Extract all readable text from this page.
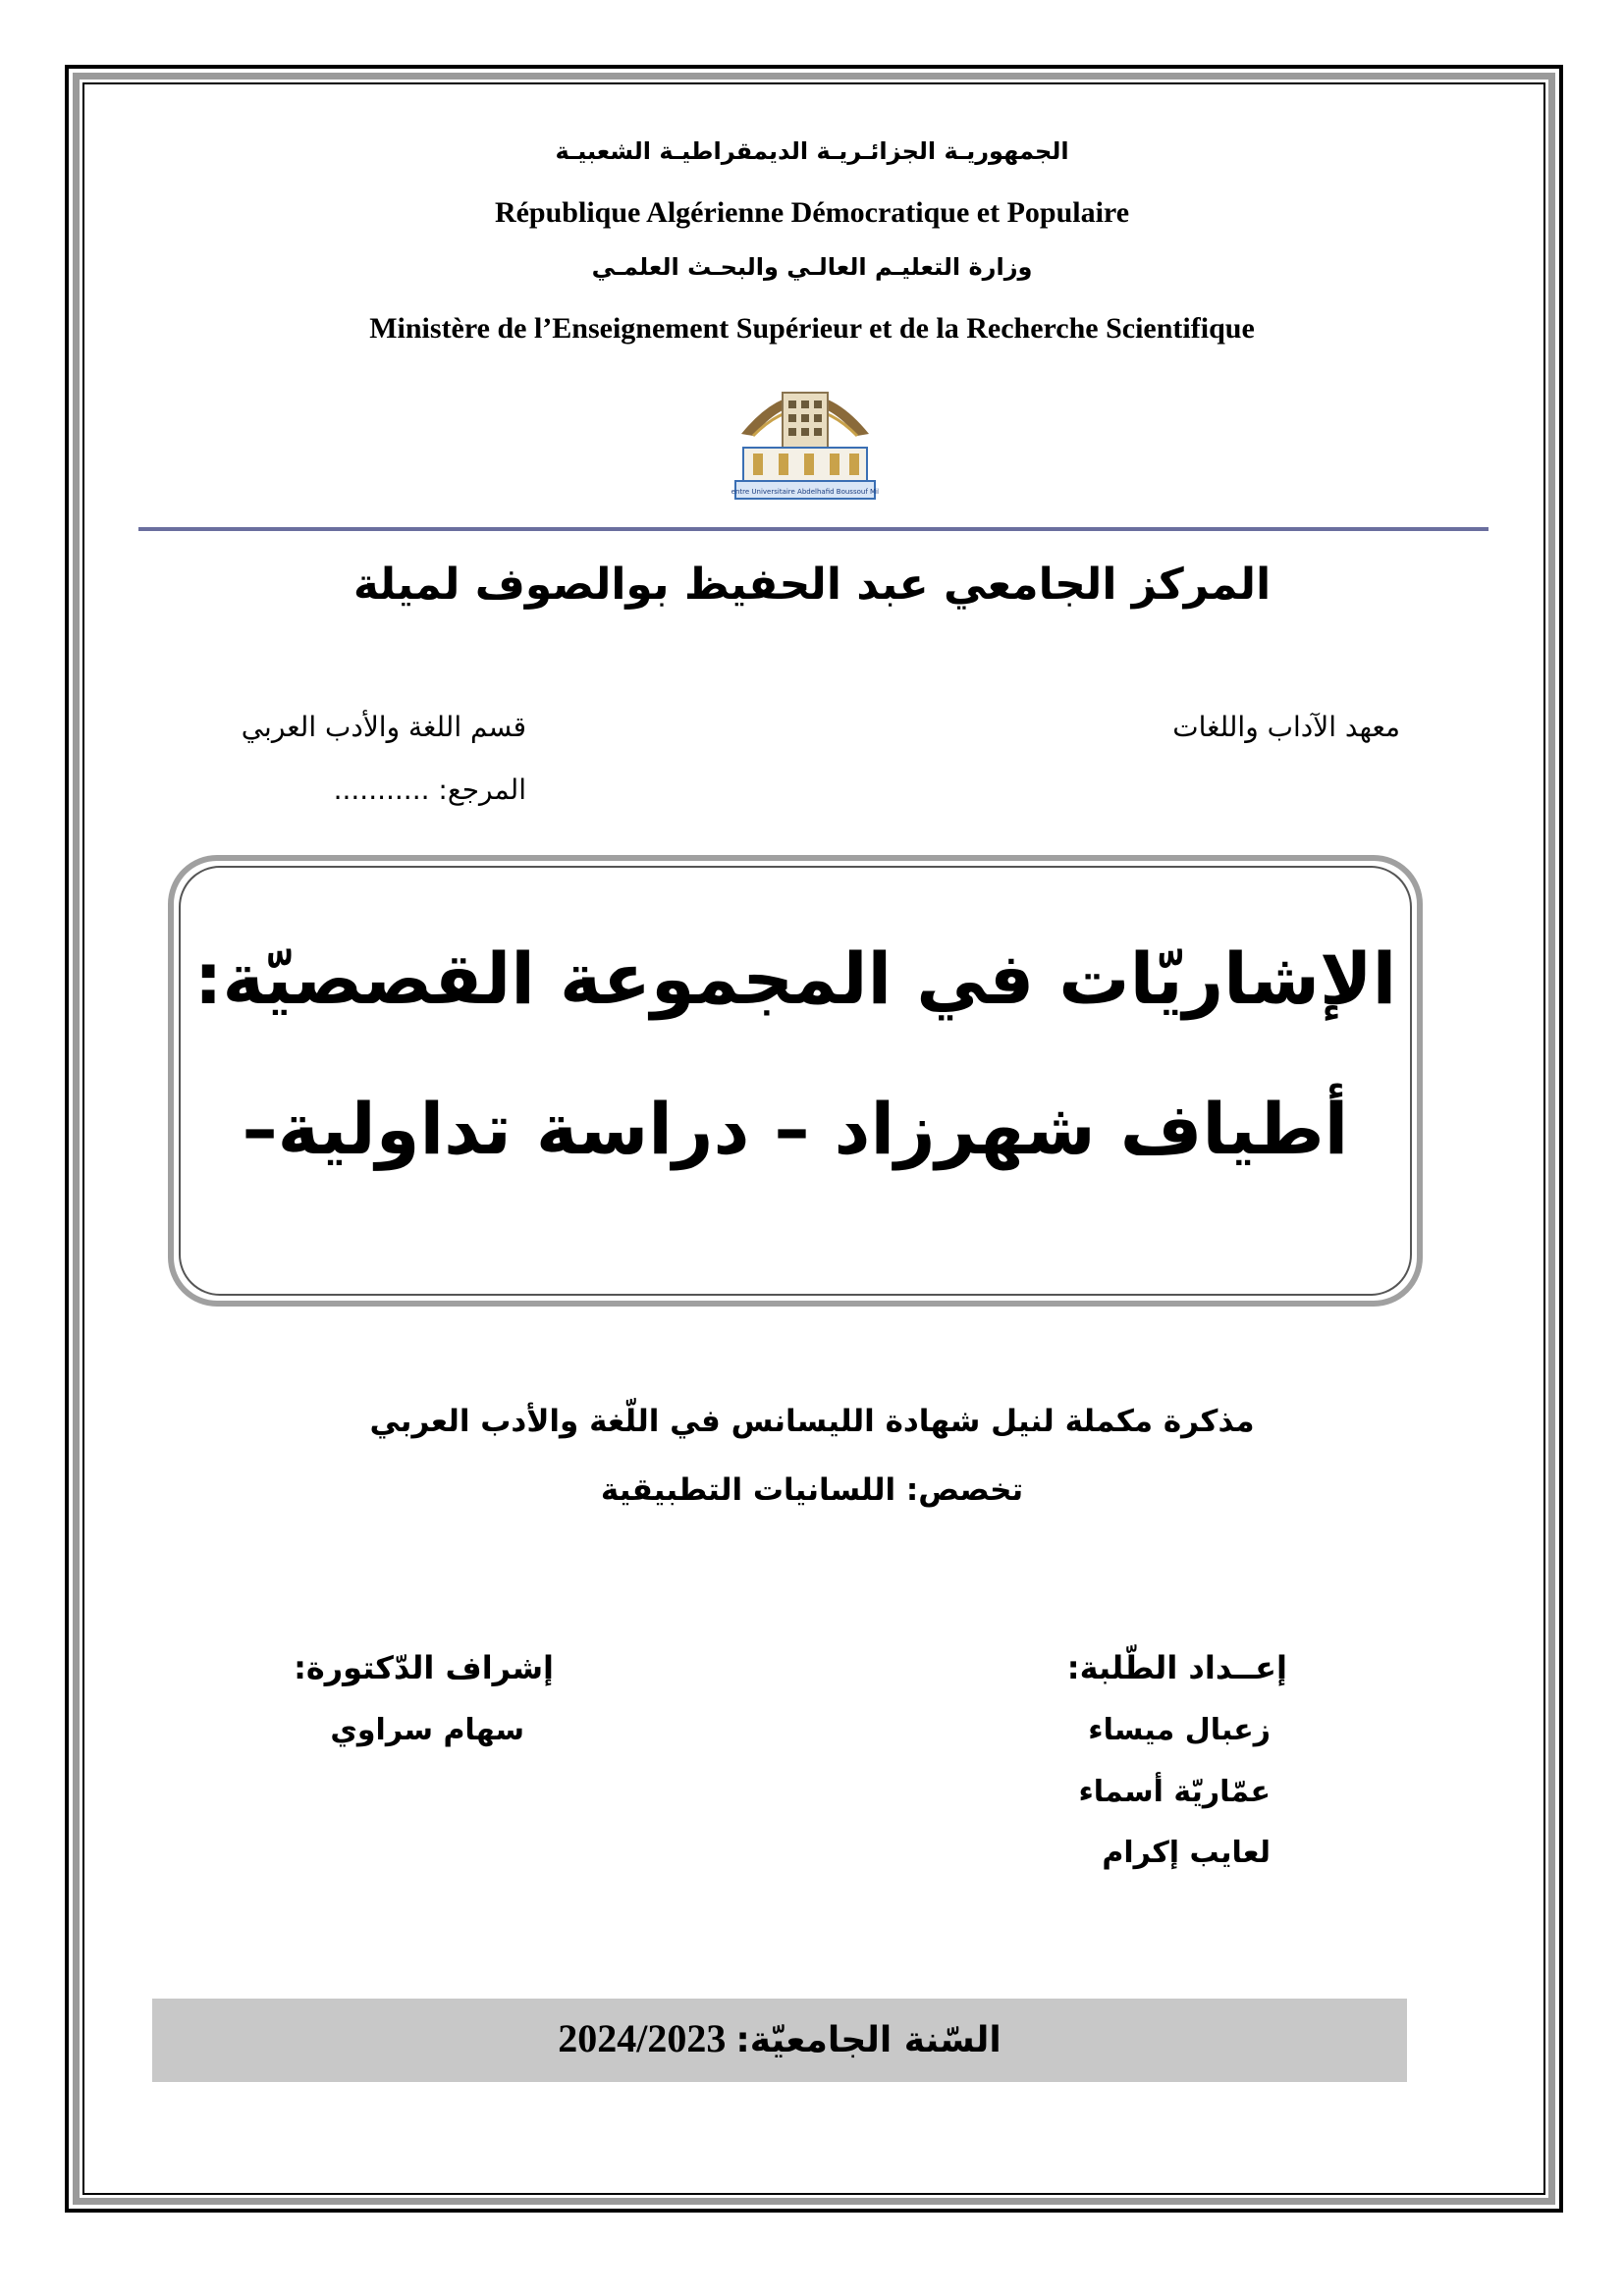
الجمهوريـة الجزائـريـة الديمقراطيـة الشعبيـة
République Algérienne Démocratique et Populaire
وزارة التعليـم العالـي والبحـث العلمـي
Ministère de l’Enseignement Supérieur et de la Recherche Scientifique
Centre Universitaire Abdelhafid Boussouf Mila
المركز الجامعي عبد الحفيظ بوالصوف لميلة
معهد الآداب واللغات
قسم اللغة والأدب العربي
المرجع: ...........
الإشاريّات في المجموعة القصصيّة:
أطياف شهرزاد – دراسة تداولية–
مذكرة مكملة لنيل شهادة الليسانس في اللّغة والأدب العربي
تخصص: اللسانيات التطبيقية
إعــداد الطّلبة:
زعبال ميساء
عمّاريّة أسماء
لعايب إكرام
إشراف الدّكتورة:
سهام سراوي
السّنة الجامعيّة: 2024/2023
